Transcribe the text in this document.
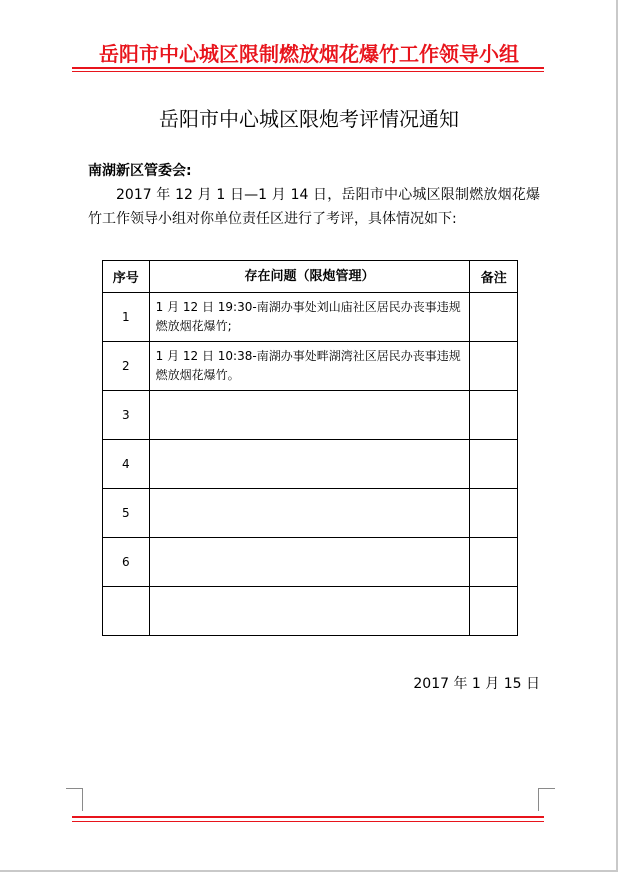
岳阳市中心城区限制燃放烟花爆竹工作领导小组
岳阳市中心城区限炮考评情况通知
南湖新区管委会:
2017 年 12 月 1 日—1 月 14 日，岳阳市中心城区限制燃放烟花爆竹工作领导小组对你单位责任区进行了考评，具体情况如下:
序号	存在问题（限炮管理）	备注
1	1 月 12 日 19:30-南湖办事处刘山庙社区居民办丧事违规燃放烟花爆竹;	
2	1 月 12 日 10:38-南湖办事处畔湖湾社区居民办丧事违规燃放烟花爆竹。	
3		
4		
5		
6		

2017 年 1 月 15 日
